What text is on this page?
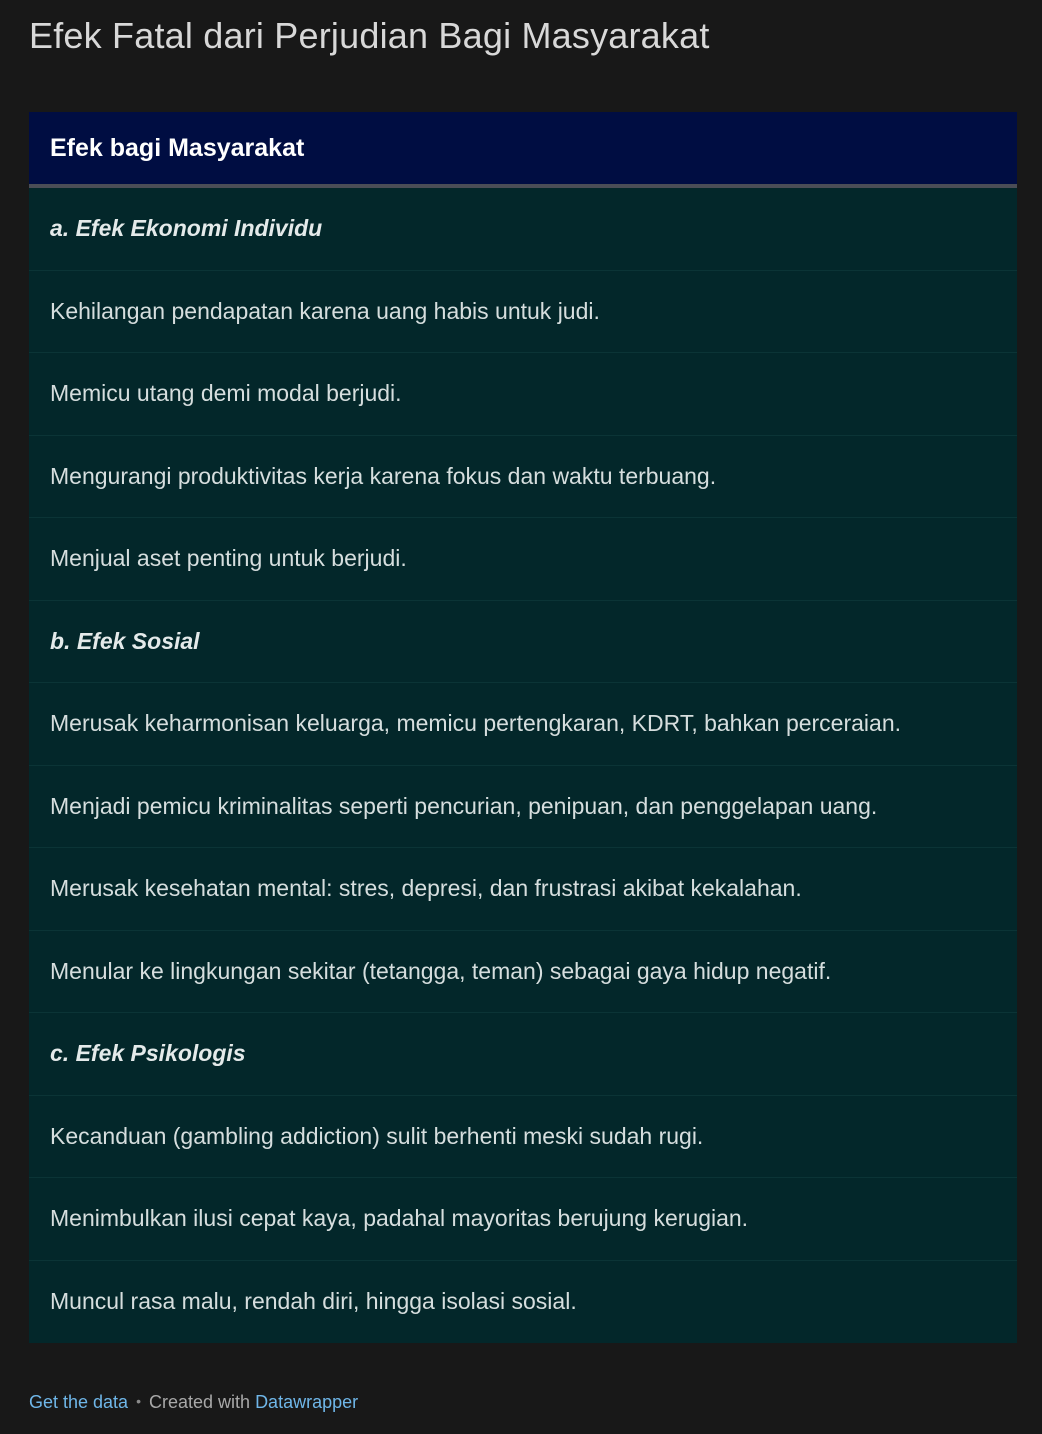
Efek Fatal dari Perjudian Bagi Masyarakat
Efek bagi Masyarakat
a. Efek Ekonomi Individu
Kehilangan pendapatan karena uang habis untuk judi.
Memicu utang demi modal berjudi.
Mengurangi produktivitas kerja karena fokus dan waktu terbuang.
Menjual aset penting untuk berjudi.
b. Efek Sosial
Merusak keharmonisan keluarga, memicu pertengkaran, KDRT, bahkan perceraian.
Menjadi pemicu kriminalitas seperti pencurian, penipuan, dan penggelapan uang.
Merusak kesehatan mental: stres, depresi, dan frustrasi akibat kekalahan.
Menular ke lingkungan sekitar (tetangga, teman) sebagai gaya hidup negatif.
c. Efek Psikologis
Kecanduan (gambling addiction) sulit berhenti meski sudah rugi.
Menimbulkan ilusi cepat kaya, padahal mayoritas berujung kerugian.
Muncul rasa malu, rendah diri, hingga isolasi sosial.
Get the data • Created with Datawrapper
